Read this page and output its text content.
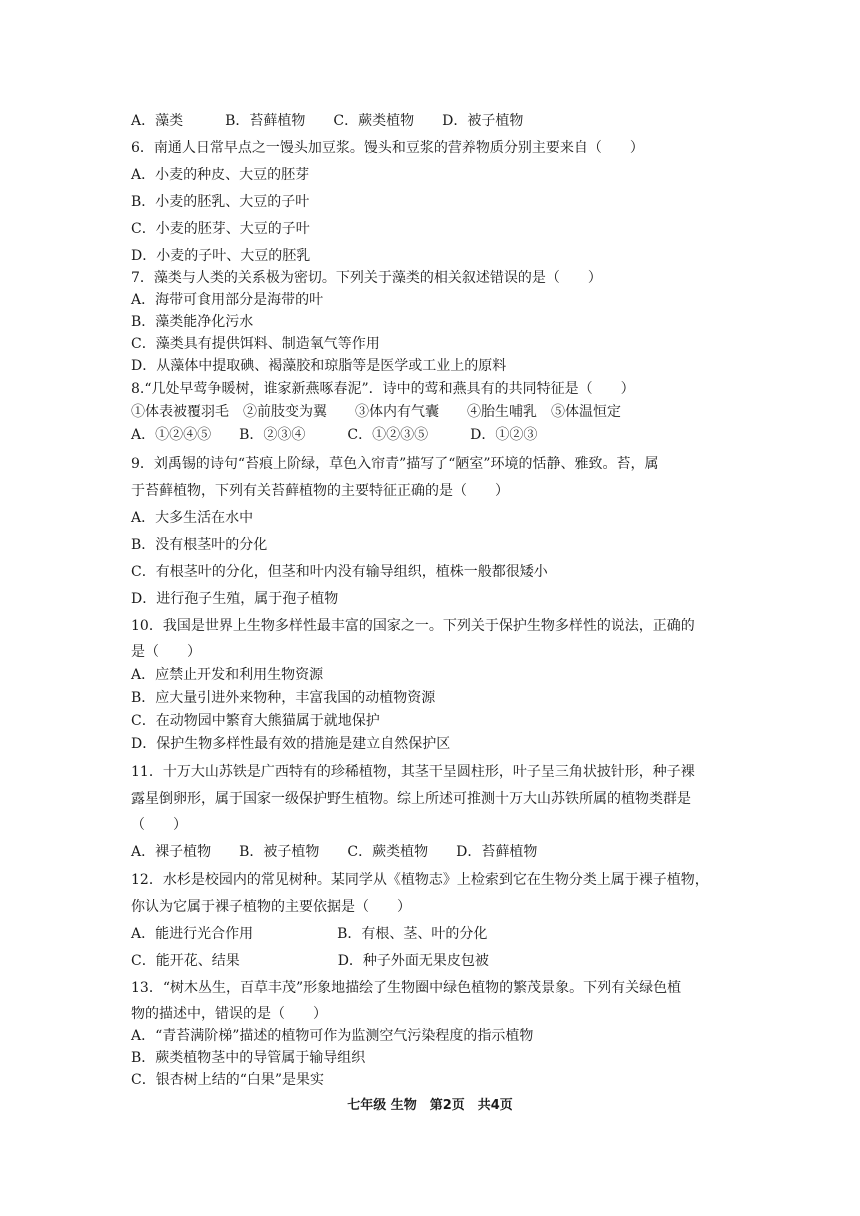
A．藻类　　　B．苔藓植物　　C．蕨类植物　　D．被子植物

6．南通人日常早点之一馒头加豆浆。馒头和豆浆的营养物质分别主要来自（　　）

A．小麦的种皮、大豆的胚芽

B．小麦的胚乳、大豆的子叶

C．小麦的胚芽、大豆的子叶

D．小麦的子叶、大豆的胚乳

7．藻类与人类的关系极为密切。下列关于藻类的相关叙述错误的是（　　）

A．海带可食用部分是海带的叶

B．藻类能净化污水

C．藻类具有提供饵料、制造氧气等作用

D．从藻体中提取碘、褐藻胶和琼脂等是医学或工业上的原料

8.“几处早莺争暖树，谁家新燕啄春泥”．诗中的莺和燕具有的共同特征是（　　）

①体表被覆羽毛　②前肢变为翼　　③体内有气囊　　④胎生哺乳　⑤体温恒定

A．①②④⑤　　B．②③④　　　C．①②③⑤　　　D．①②③

9．刘禹锡的诗句“苔痕上阶绿，草色入帘青”描写了“陋室”环境的恬静、雅致。苔，属

于苔藓植物，下列有关苔藓植物的主要特征正确的是（　　）

A．大多生活在水中

B．没有根茎叶的分化

C．有根茎叶的分化，但茎和叶内没有输导组织，植株一般都很矮小

D．进行孢子生殖，属于孢子植物

10．我国是世界上生物多样性最丰富的国家之一。下列关于保护生物多样性的说法，正确的

是（　　）

A．应禁止开发和利用生物资源

B．应大量引进外来物种，丰富我国的动植物资源

C．在动物园中繁育大熊猫属于就地保护

D．保护生物多样性最有效的措施是建立自然保护区

11．十万大山苏铁是广西特有的珍稀植物，其茎干呈圆柱形，叶子呈三角状披针形，种子裸

露星倒卵形，属于国家一级保护野生植物。综上所述可推测十万大山苏铁所属的植物类群是

（　　）

A．裸子植物　　B．被子植物　　C．蕨类植物　　D．苔藓植物

12．水杉是校园内的常见树种。某同学从《植物志》上检索到它在生物分类上属于裸子植物，

你认为它属于裸子植物的主要依据是（　　）

A．能进行光合作用　　　　　　B．有根、茎、叶的分化

C．能开花、结果　　　　　　　D．种子外面无果皮包被

13．“树木丛生，百草丰茂”形象地描绘了生物圈中绿色植物的繁茂景象。下列有关绿色植

物的描述中，错误的是（　　）

A．“青苔满阶梯”描述的植物可作为监测空气污染程度的指示植物

B．蕨类植物茎中的导管属于输导组织

C．银杏树上结的“白果”是果实

七年级 生物　第2页　共4页
